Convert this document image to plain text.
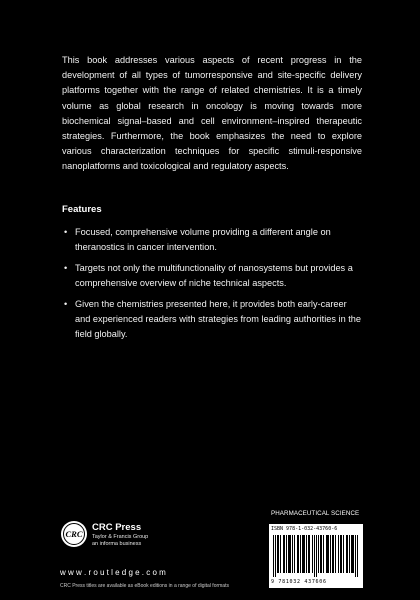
This book addresses various aspects of recent progress in the development of all types of tumorresponsive and site-specific delivery platforms together with the range of related chemistries. It is a timely volume as global research in oncology is moving towards more biochemical signal–based and cell environment–inspired therapeutic strategies. Furthermore, the book emphasizes the need to explore various characterization techniques for specific stimuli-responsive nanoplatforms and toxicological and regulatory aspects.
Features
• Focused, comprehensive volume providing a different angle on theranostics in cancer intervention.
• Targets not only the multifunctionality of nanosystems but provides a comprehensive overview of niche technical aspects.
• Given the chemistries presented here, it provides both early-career and experienced readers with strategies from leading authorities in the field globally.
CRC
CRC Press
Taylor & Francis Group
an informa business
w w w . r o u t l e d g e . c o m
CRC Press titles are available as eBook editions in a range of digital formats
PHARMACEUTICAL SCIENCE
ISBN 978-1-032-43760-6
9 781032 437606
